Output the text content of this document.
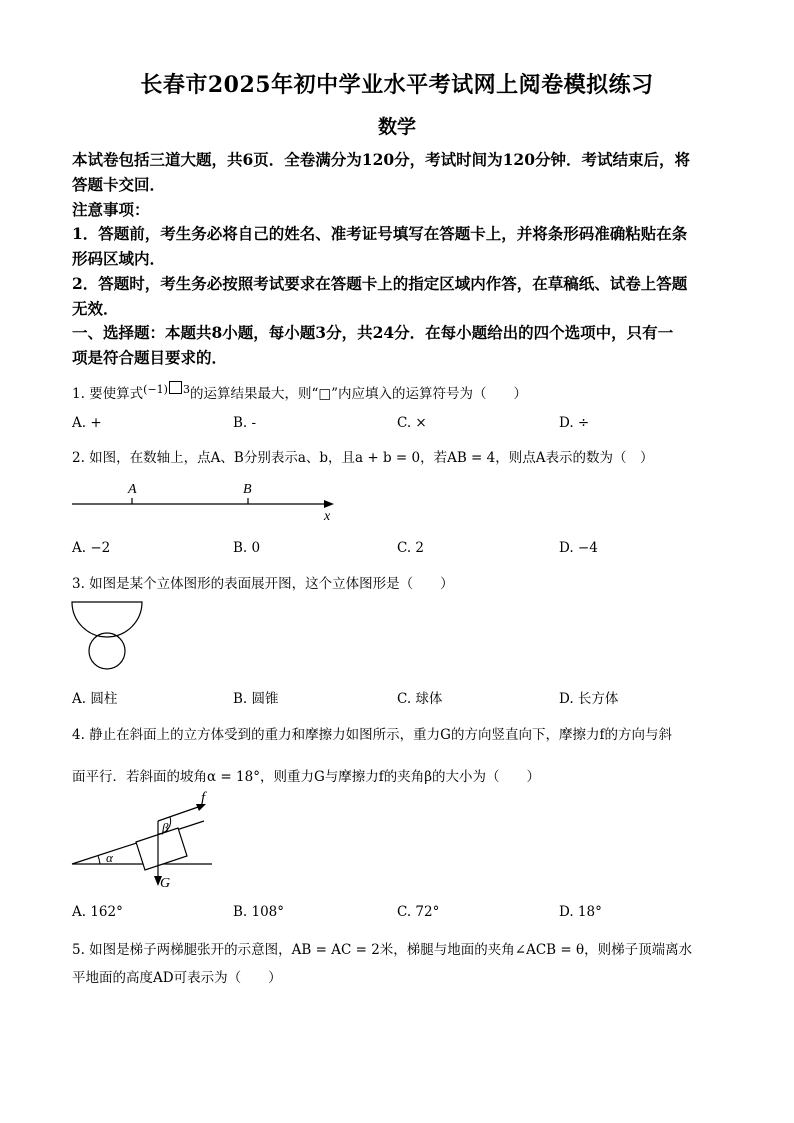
长春市2025年初中学业水平考试网上阅卷模拟练习
数学
本试卷包括三道大题，共6页．全卷满分为120分，考试时间为120分钟．考试结束后，将
答题卡交回．
注意事项：
1．答题前，考生务必将自己的姓名、准考证号填写在答题卡上，并将条形码准确粘贴在条
形码区域内．
2．答题时，考生务必按照考试要求在答题卡上的指定区域内作答，在草稿纸、试卷上答题
无效．
一、选择题：本题共8小题，每小题3分，共24分．在每小题给出的四个选项中，只有一
项是符合题目要求的．
1. 要使算式$^{(-1)}$ $^3$的运算结果最大，则“□”内应填入的运算符号为（　　）
A. +	B. -	C. ×	D. ÷
2. 如图，在数轴上，点A、B分别表示a、b，且a + b = 0，若AB = 4，则点A表示的数为（　）
A	B
x
A. −2	B. 0	C. 2	D. −4
3. 如图是某个立体图形的表面展开图，这个立体图形是（　　）
A. 圆柱	B. 圆锥	C. 球体	D. 长方体
4. 静止在斜面上的立方体受到的重力和摩擦力如图所示，重力G的方向竖直向下，摩擦力f的方向与斜
面平行．若斜面的坡角α = 18°，则重力G与摩擦力f的夹角β的大小为（　　）
f
β
α
G
A. 162°	B. 108°	C. 72°	D. 18°
5. 如图是梯子两梯腿张开的示意图，AB = AC = 2米，梯腿与地面的夹角∠ACB = θ，则梯子顶端离水
平地面的高度AD可表示为（　　）
